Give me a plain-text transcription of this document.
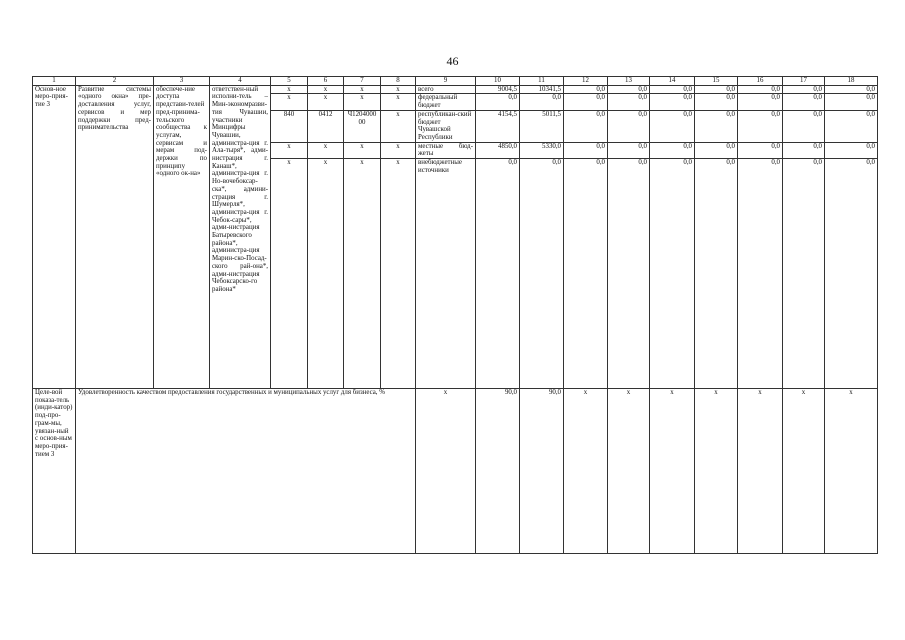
46
1	2	3	4	5	6	7	8	9	10	11	12	13	14	15	16	17	18
Основ-ное меро-прия-тие 3	Развитие системы «одного окна» пре-доставления услуг, сервисов и мер поддержки пред-принимательства	обеспече-ние доступа представи-телей пред-принима-тельского сообщества к услугам, сервисам и мерам под-держки по принципу «одного ок-на»	ответствен-ный исполни-тель – Мин-экономразви-тия Чувашии, участники Минцифры Чувашии, администра-ция г. Ала-тыря*, адми-нистрация г. Канаш*, администра-ция г. Но-вочебоксар-ска*, админи-страция г. Шумерля*, администра-ция г. Чебок-сары*, адми-нистрация Батыревского района*, администра-ция Марин-ско-Посад-ского рай-она*, адми-нистрация Чебоксарско-го района*	x	x	x	x	всего	9004,5	10341,5	0,0	0,0	0,0	0,0	0,0	0,0	0,0
				x	x	x	x	федеральный бюджет	0,0	0,0	0,0	0,0	0,0	0,0	0,0	0,0	0,0
				840	0412	Ч1204000 00	x	республикан-ский бюджет Чувашской Республики	4154,5	5011,5	0,0	0,0	0,0	0,0	0,0	0,0	0,0
				x	x	x	x	местные бюд-жеты	4850,0	5330,0	0,0	0,0	0,0	0,0	0,0	0,0	0,0
				x	x	x	x	внебюджетные источники	0,0	0,0	0,0	0,0	0,0	0,0	0,0	0,0	0,0
Целе-вой показа-тель (инди-катор) под-про-грам-мы, увязан-ный с основ-ным меро-прия-тием 3	Удовлетворенность качеством предоставления государственных и муниципальных услуг для бизнеса, %							x	90,0	90,0	x	x	x	x	x	x	x
